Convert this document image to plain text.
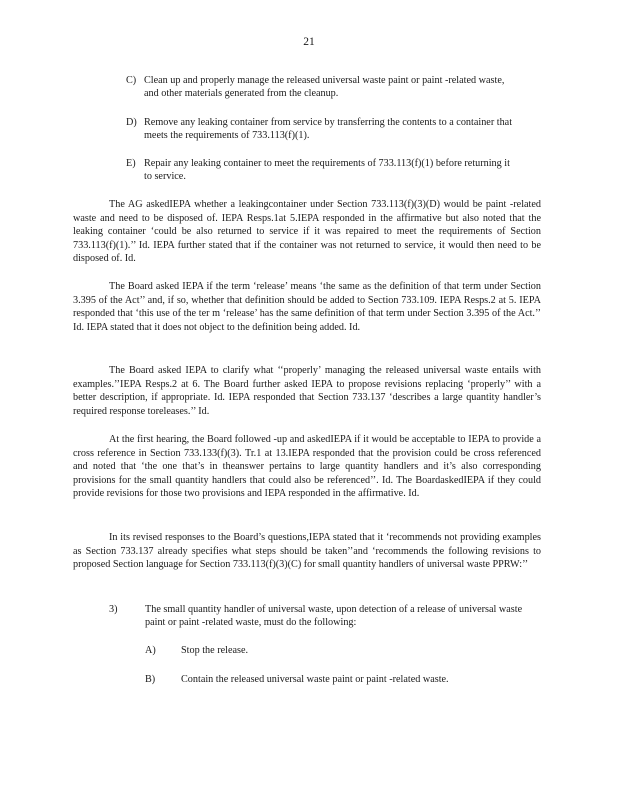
21
C) Clean up and properly manage the released universal waste paint or paint -related waste, and other materials generated from the cleanup.
D) Remove any leaking container from service by transferring the contents to a container that meets the requirements of 733.113(f)(1).
E) Repair any leaking container to meet the requirements of 733.113(f)(1) before returning it to service.

The AG askedIEPA whether a leakingcontainer under Section 733.113(f)(3)(D) would be paint -related waste and need to be disposed of. IEPA Resps.1at 5.IEPA responded in the affirmative but also noted that the leaking container ‘could be also returned to service if it was repaired to meet the requirements of Section 733.113(f)(1).’’ Id. IEPA further stated that if the container was not returned to service, it would then need to be disposed of. Id.

The Board asked IEPA if the term ‘release’ means ‘the same as the definition of that term under Section 3.395 of the Act’’ and, if so, whether that definition should be added to Section 733.109. IEPA Resps.2 at 5. IEPA responded that ‘this use of the ter m ‘release’ has the same definition of that term under Section 3.395 of the Act.’’ Id. IEPA stated that it does not object to the definition being added. Id.

The Board asked IEPA to clarify what ‘‘properly’ managing the released universal waste entails with examples.’’IEPA Resps.2 at 6. The Board further asked IEPA to propose revisions replacing ‘properly’’ with a better description, if appropriate. Id. IEPA responded that Section 733.137 ‘describes a large quantity handler’s required response toreleases.’’ Id.

At the first hearing, the Board followed -up and askedIEPA if it would be acceptable to IEPA to provide a cross reference in Section 733.133(f)(3). Tr.1 at 13.IEPA responded that the provision could be cross referenced and noted that ‘the one that’s in theanswer pertains to large quantity handlers and it’s also corresponding provisions for the small quantity handlers that could also be referenced’’. Id. The BoardaskedIEPA if they could provide revisions for those two provisions and IEPA responded in the affirmative. Id.

In its revised responses to the Board’s questions,IEPA stated that it ‘recommends not providing examples as Section 733.137 already specifies what steps should be taken’’and ‘recommends the following revisions to proposed Section language for Section 733.113(f)(3)(C) for small quantity handlers of universal waste PPRW:’’

3)	The small quantity handler of universal waste, upon detection of a release of universal waste paint or paint -related waste, must do the following:
A) Stop the release.
B)	Contain the released universal waste paint or paint -related waste.
